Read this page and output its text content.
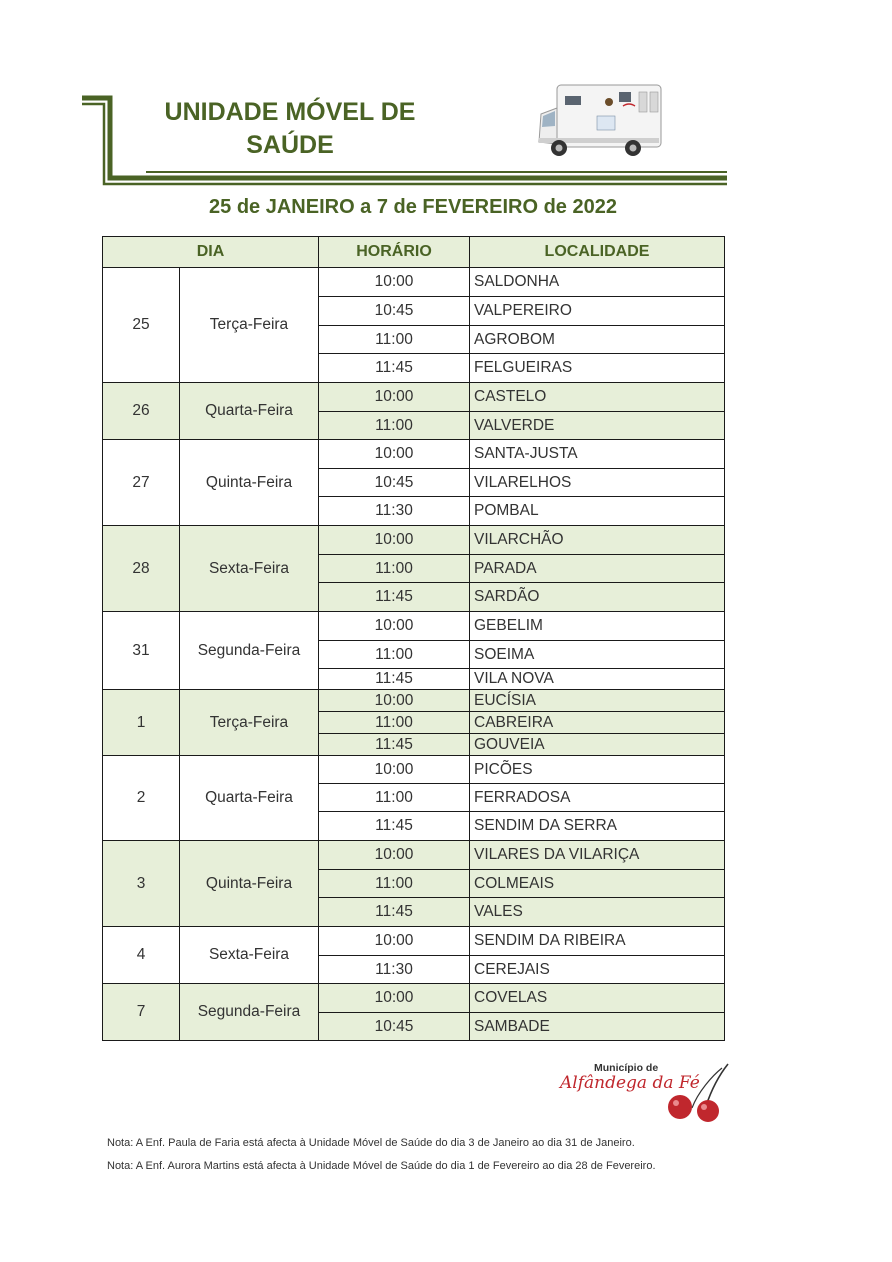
UNIDADE MÓVEL DE
SAÚDE
25 de JANEIRO a 7 de FEVEREIRO de 2022
DIA		HORÁRIO	LOCALIDADE
25	Terça-Feira	10:00	SALDONHA
		10:45	VALPEREIRO
		11:00	AGROBOM
		11:45	FELGUEIRAS
26	Quarta-Feira	10:00	CASTELO
		11:00	VALVERDE
27	Quinta-Feira	10:00	SANTA-JUSTA
		10:45	VILARELHOS
		11:30	POMBAL
28	Sexta-Feira	10:00	VILARCHÃO
		11:00	PARADA
		11:45	SARDÃO
31	Segunda-Feira	10:00	GEBELIM
		11:00	SOEIMA
		11:45	VILA NOVA
1	Terça-Feira	10:00	EUCÍSIA
		11:00	CABREIRA
		11:45	GOUVEIA
2	Quarta-Feira	10:00	PICÕES
		11:00	FERRADOSA
		11:45	SENDIM DA SERRA
3	Quinta-Feira	10:00	VILARES DA VILARIÇA
		11:00	COLMEAIS
		11:45	VALES
4	Sexta-Feira	10:00	SENDIM DA RIBEIRA
		11:30	CEREJAIS
7	Segunda-Feira	10:00	COVELAS
		10:45	SAMBADE
Município de
Alfândega da Fé
Nota: A Enf. Paula de Faria está afecta à Unidade Móvel de Saúde do dia 3 de Janeiro ao dia 31 de Janeiro.
Nota: A Enf. Aurora Martins está afecta à Unidade Móvel de Saúde do dia 1 de Fevereiro ao dia 28 de Fevereiro.
